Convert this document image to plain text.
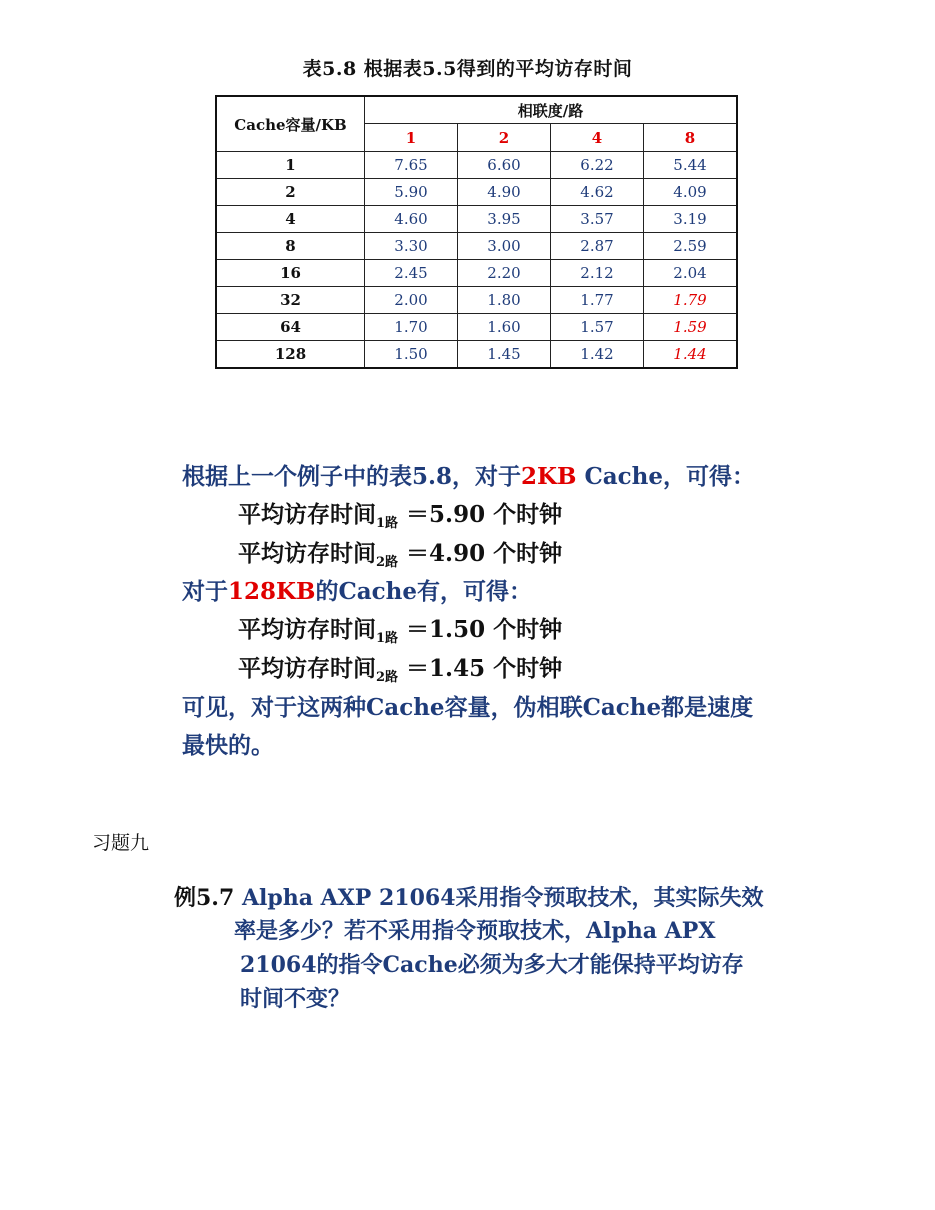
表5.8 根据表5.5得到的平均访存时间
Cache容量/KB	相联度/路			
	1	2	4	8
1	7.65	6.60	6.22	5.44
2	5.90	4.90	4.62	4.09
4	4.60	3.95	3.57	3.19
8	3.30	3.00	2.87	2.59
16	2.45	2.20	2.12	2.04
32	2.00	1.80	1.77	1.79
64	1.70	1.60	1.57	1.59
128	1.50	1.45	1.42	1.44
根据上一个例子中的表5.8，对于2KB Cache，可得：
平均访存时间$_{1路}$ ＝5.90 个时钟
平均访存时间$_{2路}$ ＝4.90 个时钟
对于128KB的Cache有，可得：
平均访存时间$_{1路}$ ＝1.50 个时钟
平均访存时间$_{2路}$ ＝1.45 个时钟
可见，对于这两种Cache容量，伪相联Cache都是速度
最快的。
习题九
例5.7 Alpha AXP 21064采用指令预取技术，其实际失效
率是多少？若不采用指令预取技术，Alpha APX
21064的指令Cache必须为多大才能保持平均访存
时间不变？
